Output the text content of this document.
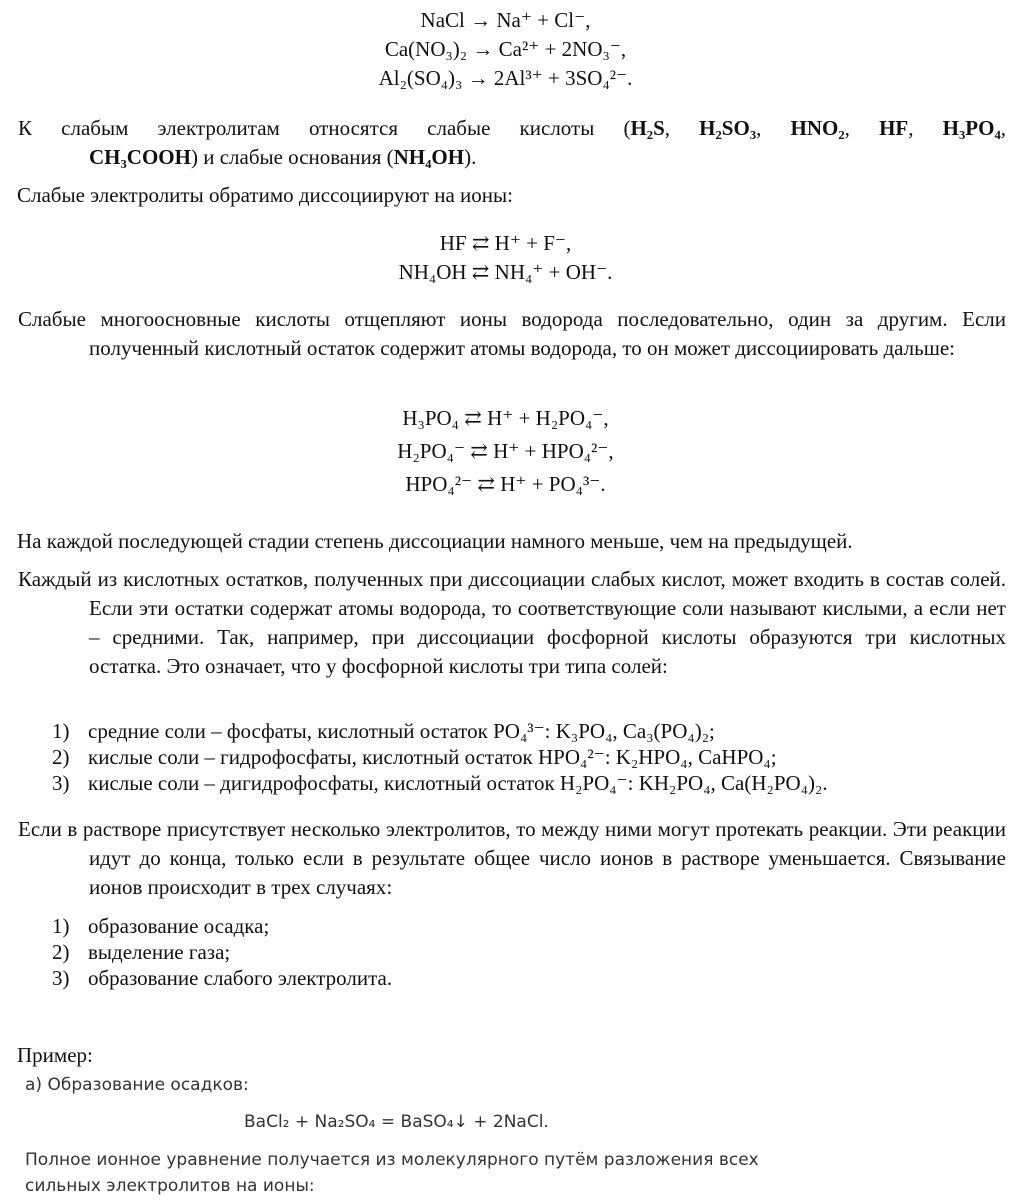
NaCl → Na⁺ + Cl⁻,
Ca(NO₃)₂ → Ca²⁺ + 2NO₃⁻,
Al₂(SO₄)₃ → 2Al³⁺ + 3SO₄²⁻.
К слабым электролитам относятся слабые кислоты (H₂S, H₂SO₃, HNO₂, HF, H₃PO₄,
CH₃COOH) и слабые основания (NH₄OH).
Слабые электролиты обратимо диссоциируют на ионы:
HF ⇄ H⁺ + F⁻,
NH₄OH ⇄ NH₄⁺ + OH⁻.
Слабые многоосновные кислоты отщепляют ионы водорода последовательно, один за другим. Если полученный кислотный остаток содержит атомы водорода, то он может диссоциировать дальше:
H₃PO₄ ⇄ H⁺ + H₂PO₄⁻,
H₂PO₄⁻ ⇄ H⁺ + HPO₄²⁻,
HPO₄²⁻ ⇄ H⁺ + PO₄³⁻.
На каждой последующей стадии степень диссоциации намного меньше, чем на предыдущей.
Каждый из кислотных остатков, полученных при диссоциации слабых кислот, может входить в состав солей. Если эти остатки содержат атомы водорода, то соответствующие соли называют кислыми, а если нет – средними. Так, например, при диссоциации фосфорной кислоты образуются три кислотных остатка. Это означает, что у фосфорной кислоты три типа солей:
1) средние соли – фосфаты, кислотный остаток PO₄³⁻: K₃PO₄, Ca₃(PO₄)₂;
2) кислые соли – гидрофосфаты, кислотный остаток HPO₄²⁻: K₂HPO₄, CaHPO₄;
3) кислые соли – дигидрофосфаты, кислотный остаток H₂PO₄⁻: KH₂PO₄, Ca(H₂PO₄)₂.
Если в растворе присутствует несколько электролитов, то между ними могут протекать реакции. Эти реакции идут до конца, только если в результате общее число ионов в растворе уменьшается. Связывание ионов происходит в трех случаях:
1) образование осадка;
2) выделение газа;
3) образование слабого электролита.
Пример:
а) Образование осадков:
BaCl₂ + Na₂SO₄ = BaSO₄↓ + 2NaCl.
Полное ионное уравнение получается из молекулярного путём разложения всех сильных электролитов на ионы:
